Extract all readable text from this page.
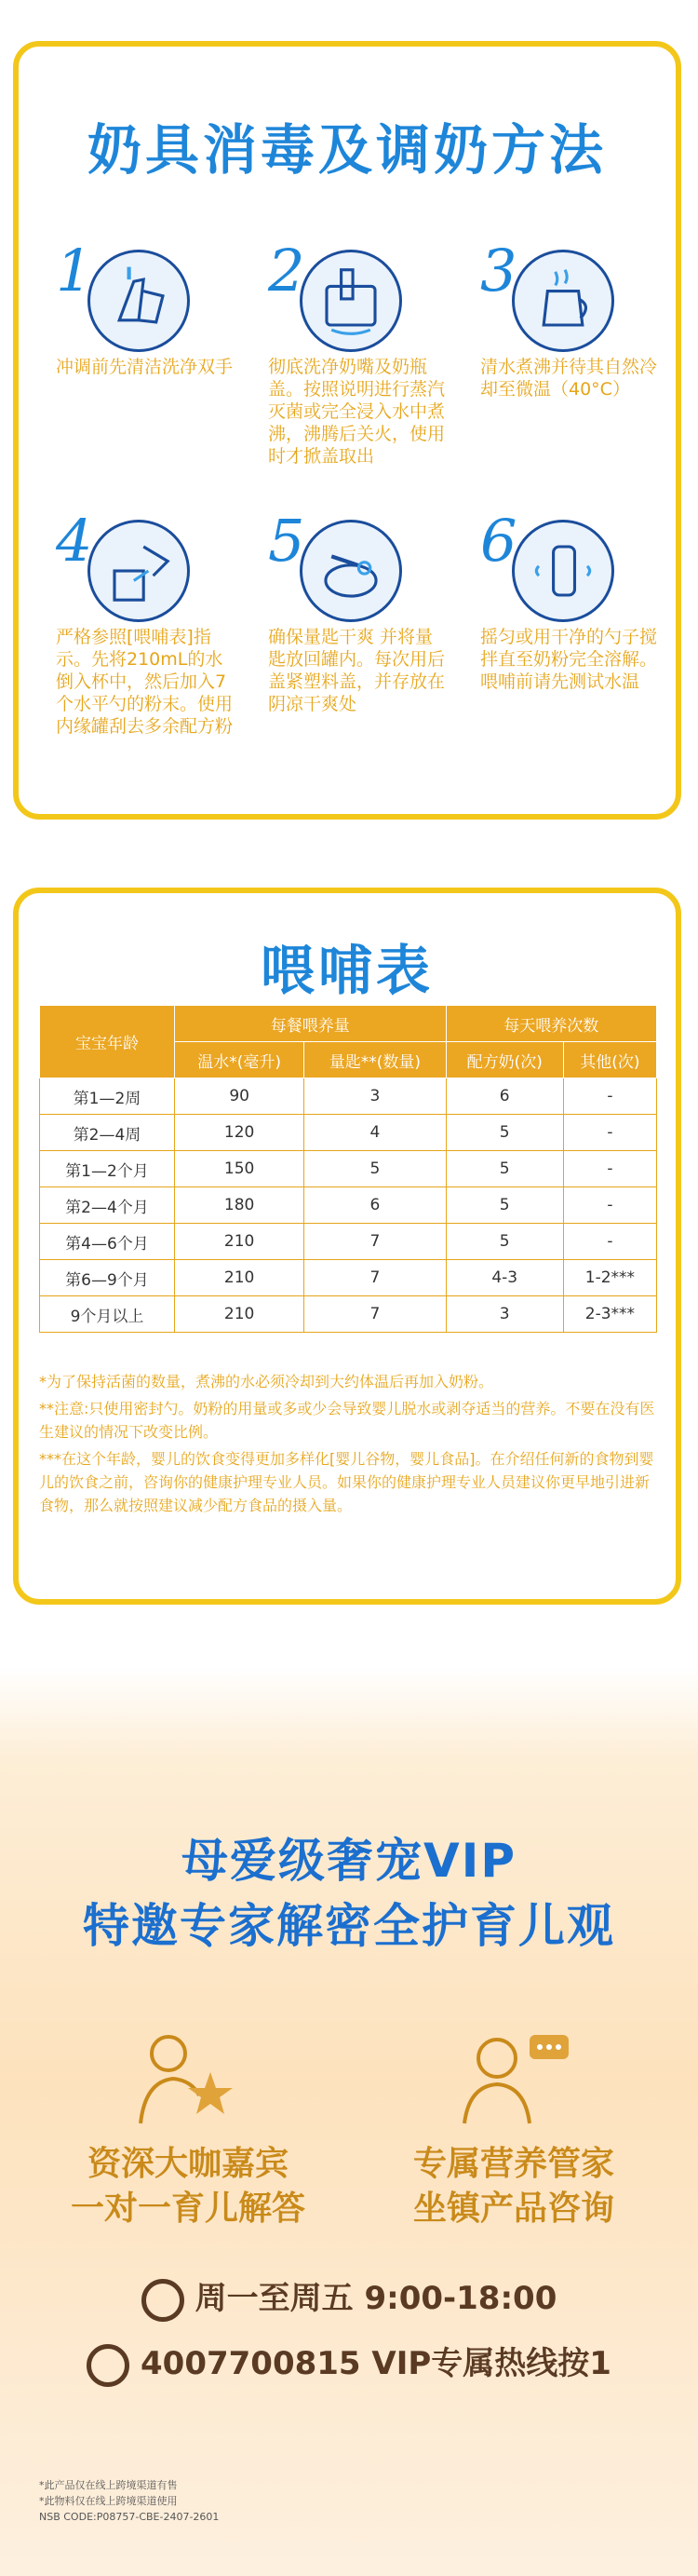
奶具消毒及调奶方法
1
冲调前先清洁洗净双手
2
彻底洗净奶嘴及奶瓶盖。按照说明进行蒸汽灭菌或完全浸入水中煮沸，沸腾后关火，使用时才掀盖取出
3
清水煮沸并待其自然冷却至微温（40°C）
4
严格参照[喂哺表]指示。先将210mL的水倒入杯中，然后加入7个水平勺的粉末。使用内缘罐刮去多余配方粉
5
确保量匙干爽 并将量匙放回罐内。每次用后盖紧塑料盖，并存放在阴凉干爽处
6
摇匀或用干净的勺子搅拌直至奶粉完全溶解。喂哺前请先测试水温
喂哺表
宝宝年龄	每餐喂养量		每天喂养次数	
	温水*(毫升)	量匙**(数量)	配方奶(次)	其他(次)
第1—2周	90	3	6	-
第2—4周	120	4	5	-
第1—2个月	150	5	5	-
第2—4个月	180	6	5	-
第4—6个月	210	7	5	-
第6—9个月	210	7	4-3	1-2***
9个月以上	210	7	3	2-3***

*为了保持活菌的数量，煮沸的水必须冷却到大约体温后再加入奶粉。

**注意:只使用密封勺。奶粉的用量或多或少会导致婴儿脱水或剥夺适当的营养。不要在没有医生建议的情况下改变比例。

***在这个年龄，婴儿的饮食变得更加多样化[婴儿谷物，婴儿食品]。在介绍任何新的食物到婴儿的饮食之前，咨询你的健康护理专业人员。如果你的健康护理专业人员建议你更早地引进新食物，那么就按照建议减少配方食品的摄入量。

母爱级奢宠VIP
特邀专家解密全护育儿观
资深大咖嘉宾
一对一育儿解答
专属营养管家
坐镇产品咨询
周一至周五 9:00-18:00
4007700815 VIP专属热线按1
*此产品仅在线上跨境渠道有售
*此物料仅在线上跨境渠道使用
NSB CODE:P08757-CBE-2407-2601
